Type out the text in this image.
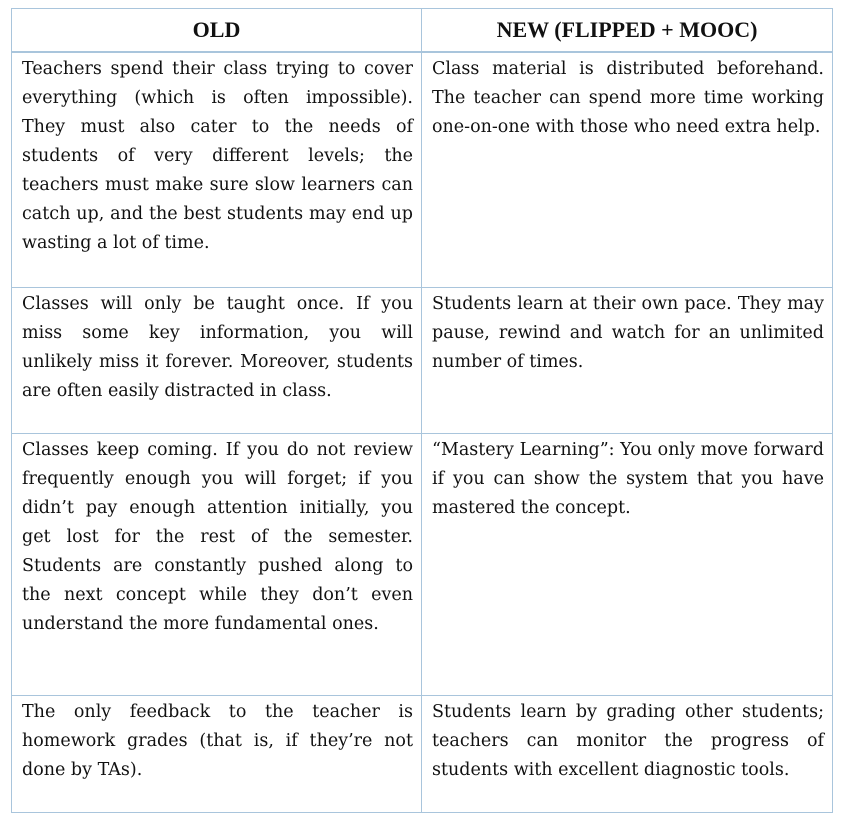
OLD	NEW (FLIPPED + MOOC)
Teachers spend their class trying to cover everything (which is often impossible). They must also cater to the needs of students of very different levels; the teachers must make sure slow learners can catch up, and the best students may end up wasting a lot of time.	Class material is distributed beforehand. The teacher can spend more time working one-on-one with those who need extra help.
Classes will only be taught once. If you miss some key information, you will unlikely miss it forever. Moreover, students are often easily distracted in class.	Students learn at their own pace. They may pause, rewind and watch for an unlimited number of times.
Classes keep coming. If you do not review frequently enough you will forget; if you didn’t pay enough attention initially, you get lost for the rest of the semester. Students are constantly pushed along to the next concept while they don’t even understand the more fundamental ones.	“Mastery Learning”: You only move forward if you can show the system that you have mastered the concept.
The only feedback to the teacher is homework grades (that is, if they’re not done by TAs).	Students learn by grading other students; teachers can monitor the progress of students with excellent diagnostic tools.
